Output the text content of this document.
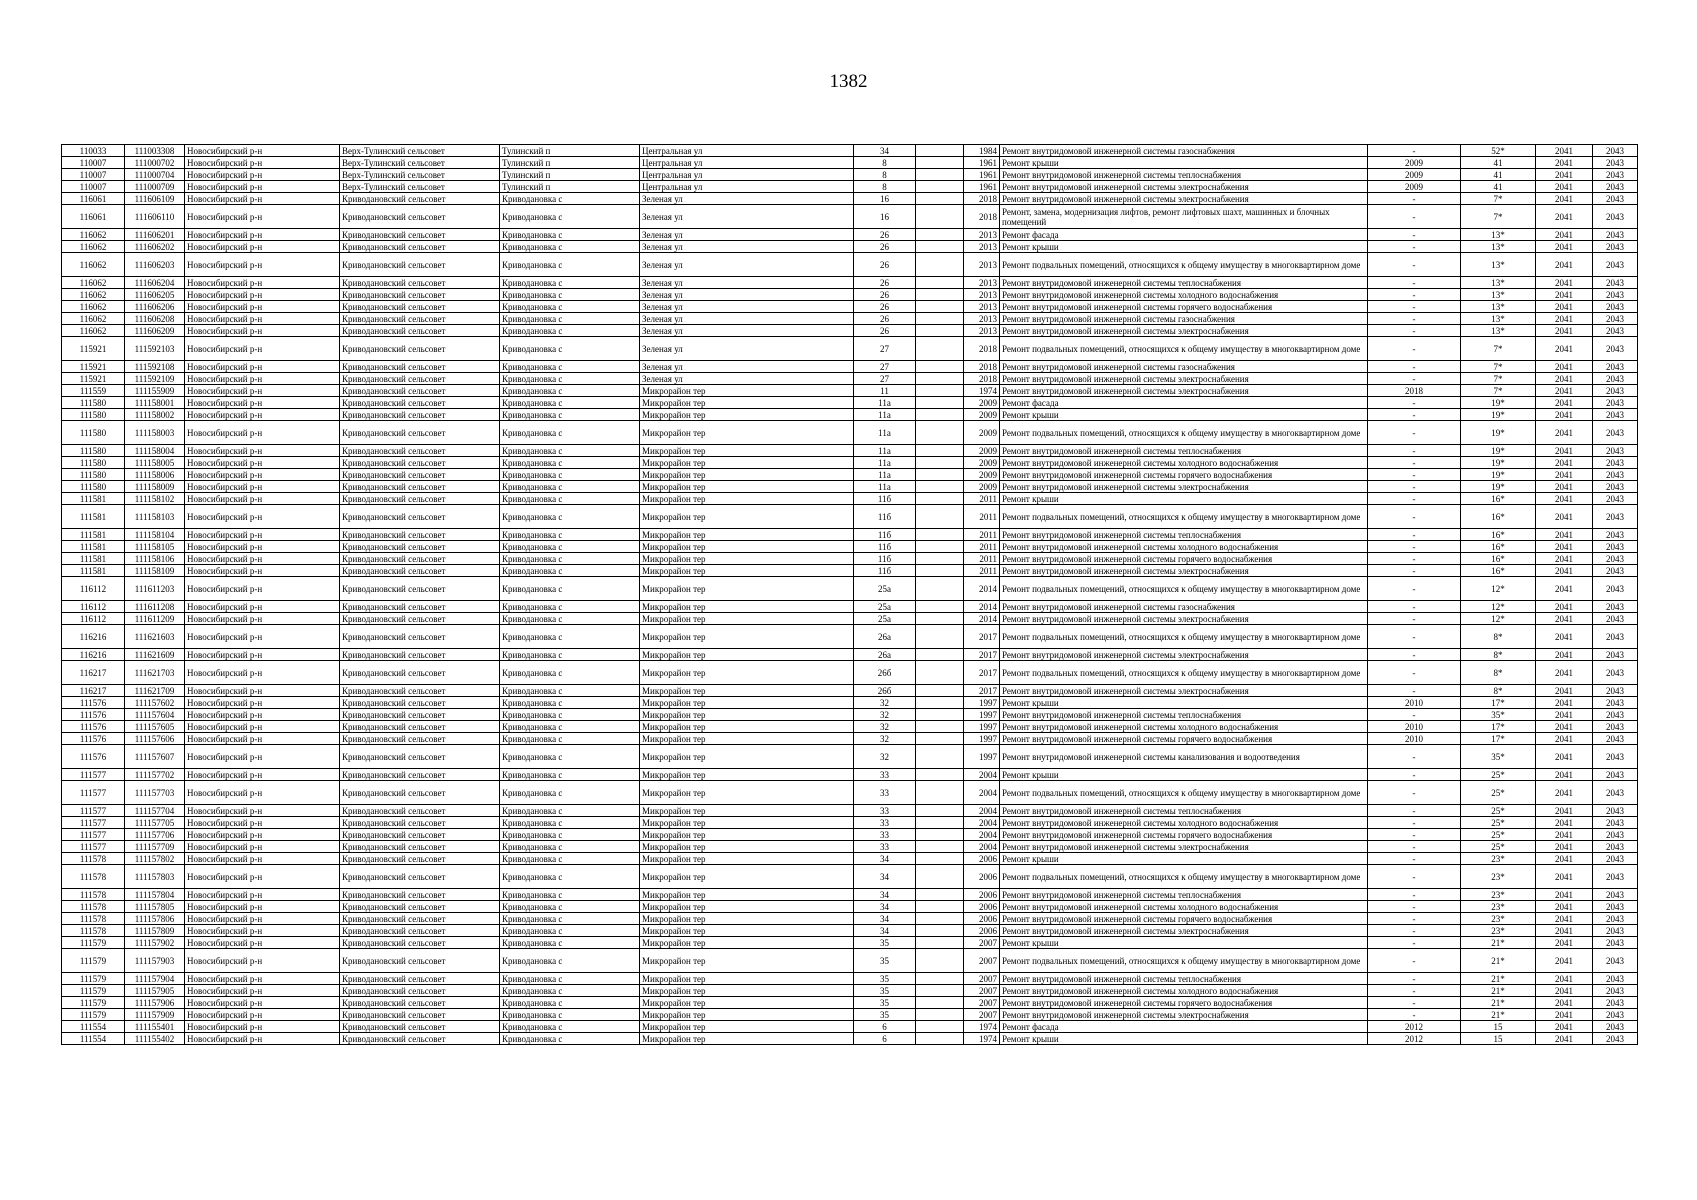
1382
110033	111003308	Новосибирский р-н	Верх-Тулинский сельсовет	Тулинский п	Центральная ул	34		1984	Ремонт внутридомовой инженерной системы газоснабжения	-	52*	2041	2043
110007	111000702	Новосибирский р-н	Верх-Тулинский сельсовет	Тулинский п	Центральная ул	8		1961	Ремонт крыши	2009	41	2041	2043
110007	111000704	Новосибирский р-н	Верх-Тулинский сельсовет	Тулинский п	Центральная ул	8		1961	Ремонт внутридомовой инженерной системы теплоснабжения	2009	41	2041	2043
110007	111000709	Новосибирский р-н	Верх-Тулинский сельсовет	Тулинский п	Центральная ул	8		1961	Ремонт внутридомовой инженерной системы электроснабжения	2009	41	2041	2043
116061	111606109	Новосибирский р-н	Криводановский сельсовет	Криводановка с	Зеленая ул	16		2018	Ремонт внутридомовой инженерной системы электроснабжения	-	7*	2041	2043
116061	111606110	Новосибирский р-н	Криводановский сельсовет	Криводановка с	Зеленая ул	16		2018	Ремонт, замена, модернизация лифтов, ремонт лифтовых шахт, машинных и блочных помещений	-	7*	2041	2043
116062	111606201	Новосибирский р-н	Криводановский сельсовет	Криводановка с	Зеленая ул	26		2013	Ремонт фасада	-	13*	2041	2043
116062	111606202	Новосибирский р-н	Криводановский сельсовет	Криводановка с	Зеленая ул	26		2013	Ремонт крыши	-	13*	2041	2043
116062	111606203	Новосибирский р-н	Криводановский сельсовет	Криводановка с	Зеленая ул	26		2013	Ремонт подвальных помещений, относящихся к общему имуществу в многоквартирном доме	-	13*	2041	2043
116062	111606204	Новосибирский р-н	Криводановский сельсовет	Криводановка с	Зеленая ул	26		2013	Ремонт внутридомовой инженерной системы теплоснабжения	-	13*	2041	2043
116062	111606205	Новосибирский р-н	Криводановский сельсовет	Криводановка с	Зеленая ул	26		2013	Ремонт внутридомовой инженерной системы холодного водоснабжения	-	13*	2041	2043
116062	111606206	Новосибирский р-н	Криводановский сельсовет	Криводановка с	Зеленая ул	26		2013	Ремонт внутридомовой инженерной системы горячего водоснабжения	-	13*	2041	2043
116062	111606208	Новосибирский р-н	Криводановский сельсовет	Криводановка с	Зеленая ул	26		2013	Ремонт внутридомовой инженерной системы газоснабжения	-	13*	2041	2043
116062	111606209	Новосибирский р-н	Криводановский сельсовет	Криводановка с	Зеленая ул	26		2013	Ремонт внутридомовой инженерной системы электроснабжения	-	13*	2041	2043
115921	111592103	Новосибирский р-н	Криводановский сельсовет	Криводановка с	Зеленая ул	27		2018	Ремонт подвальных помещений, относящихся к общему имуществу в многоквартирном доме	-	7*	2041	2043
115921	111592108	Новосибирский р-н	Криводановский сельсовет	Криводановка с	Зеленая ул	27		2018	Ремонт внутридомовой инженерной системы газоснабжения	-	7*	2041	2043
115921	111592109	Новосибирский р-н	Криводановский сельсовет	Криводановка с	Зеленая ул	27		2018	Ремонт внутридомовой инженерной системы электроснабжения	-	7*	2041	2043
111559	111155909	Новосибирский р-н	Криводановский сельсовет	Криводановка с	Микрорайон тер	11		1974	Ремонт внутридомовой инженерной системы электроснабжения	2018	7*	2041	2043
111580	111158001	Новосибирский р-н	Криводановский сельсовет	Криводановка с	Микрорайон тер	11а		2009	Ремонт фасада	-	19*	2041	2043
111580	111158002	Новосибирский р-н	Криводановский сельсовет	Криводановка с	Микрорайон тер	11а		2009	Ремонт крыши	-	19*	2041	2043
111580	111158003	Новосибирский р-н	Криводановский сельсовет	Криводановка с	Микрорайон тер	11а		2009	Ремонт подвальных помещений, относящихся к общему имуществу в многоквартирном доме	-	19*	2041	2043
111580	111158004	Новосибирский р-н	Криводановский сельсовет	Криводановка с	Микрорайон тер	11а		2009	Ремонт внутридомовой инженерной системы теплоснабжения	-	19*	2041	2043
111580	111158005	Новосибирский р-н	Криводановский сельсовет	Криводановка с	Микрорайон тер	11а		2009	Ремонт внутридомовой инженерной системы холодного водоснабжения	-	19*	2041	2043
111580	111158006	Новосибирский р-н	Криводановский сельсовет	Криводановка с	Микрорайон тер	11а		2009	Ремонт внутридомовой инженерной системы горячего водоснабжения	-	19*	2041	2043
111580	111158009	Новосибирский р-н	Криводановский сельсовет	Криводановка с	Микрорайон тер	11а		2009	Ремонт внутридомовой инженерной системы электроснабжения	-	19*	2041	2043
111581	111158102	Новосибирский р-н	Криводановский сельсовет	Криводановка с	Микрорайон тер	11б		2011	Ремонт крыши	-	16*	2041	2043
111581	111158103	Новосибирский р-н	Криводановский сельсовет	Криводановка с	Микрорайон тер	11б		2011	Ремонт подвальных помещений, относящихся к общему имуществу в многоквартирном доме	-	16*	2041	2043
111581	111158104	Новосибирский р-н	Криводановский сельсовет	Криводановка с	Микрорайон тер	11б		2011	Ремонт внутридомовой инженерной системы теплоснабжения	-	16*	2041	2043
111581	111158105	Новосибирский р-н	Криводановский сельсовет	Криводановка с	Микрорайон тер	11б		2011	Ремонт внутридомовой инженерной системы холодного водоснабжения	-	16*	2041	2043
111581	111158106	Новосибирский р-н	Криводановский сельсовет	Криводановка с	Микрорайон тер	11б		2011	Ремонт внутридомовой инженерной системы горячего водоснабжения	-	16*	2041	2043
111581	111158109	Новосибирский р-н	Криводановский сельсовет	Криводановка с	Микрорайон тер	11б		2011	Ремонт внутридомовой инженерной системы электроснабжения	-	16*	2041	2043
116112	111611203	Новосибирский р-н	Криводановский сельсовет	Криводановка с	Микрорайон тер	25а		2014	Ремонт подвальных помещений, относящихся к общему имуществу в многоквартирном доме	-	12*	2041	2043
116112	111611208	Новосибирский р-н	Криводановский сельсовет	Криводановка с	Микрорайон тер	25а		2014	Ремонт внутридомовой инженерной системы газоснабжения	-	12*	2041	2043
116112	111611209	Новосибирский р-н	Криводановский сельсовет	Криводановка с	Микрорайон тер	25а		2014	Ремонт внутридомовой инженерной системы электроснабжения	-	12*	2041	2043
116216	111621603	Новосибирский р-н	Криводановский сельсовет	Криводановка с	Микрорайон тер	26а		2017	Ремонт подвальных помещений, относящихся к общему имуществу в многоквартирном доме	-	8*	2041	2043
116216	111621609	Новосибирский р-н	Криводановский сельсовет	Криводановка с	Микрорайон тер	26а		2017	Ремонт внутридомовой инженерной системы электроснабжения	-	8*	2041	2043
116217	111621703	Новосибирский р-н	Криводановский сельсовет	Криводановка с	Микрорайон тер	26б		2017	Ремонт подвальных помещений, относящихся к общему имуществу в многоквартирном доме	-	8*	2041	2043
116217	111621709	Новосибирский р-н	Криводановский сельсовет	Криводановка с	Микрорайон тер	26б		2017	Ремонт внутридомовой инженерной системы электроснабжения	-	8*	2041	2043
111576	111157602	Новосибирский р-н	Криводановский сельсовет	Криводановка с	Микрорайон тер	32		1997	Ремонт крыши	2010	17*	2041	2043
111576	111157604	Новосибирский р-н	Криводановский сельсовет	Криводановка с	Микрорайон тер	32		1997	Ремонт внутридомовой инженерной системы теплоснабжения	-	35*	2041	2043
111576	111157605	Новосибирский р-н	Криводановский сельсовет	Криводановка с	Микрорайон тер	32		1997	Ремонт внутридомовой инженерной системы холодного водоснабжения	2010	17*	2041	2043
111576	111157606	Новосибирский р-н	Криводановский сельсовет	Криводановка с	Микрорайон тер	32		1997	Ремонт внутридомовой инженерной системы горячего водоснабжения	2010	17*	2041	2043
111576	111157607	Новосибирский р-н	Криводановский сельсовет	Криводановка с	Микрорайон тер	32		1997	Ремонт внутридомовой инженерной системы канализования и водоотведения	-	35*	2041	2043
111577	111157702	Новосибирский р-н	Криводановский сельсовет	Криводановка с	Микрорайон тер	33		2004	Ремонт крыши	-	25*	2041	2043
111577	111157703	Новосибирский р-н	Криводановский сельсовет	Криводановка с	Микрорайон тер	33		2004	Ремонт подвальных помещений, относящихся к общему имуществу в многоквартирном доме	-	25*	2041	2043
111577	111157704	Новосибирский р-н	Криводановский сельсовет	Криводановка с	Микрорайон тер	33		2004	Ремонт внутридомовой инженерной системы теплоснабжения	-	25*	2041	2043
111577	111157705	Новосибирский р-н	Криводановский сельсовет	Криводановка с	Микрорайон тер	33		2004	Ремонт внутридомовой инженерной системы холодного водоснабжения	-	25*	2041	2043
111577	111157706	Новосибирский р-н	Криводановский сельсовет	Криводановка с	Микрорайон тер	33		2004	Ремонт внутридомовой инженерной системы горячего водоснабжения	-	25*	2041	2043
111577	111157709	Новосибирский р-н	Криводановский сельсовет	Криводановка с	Микрорайон тер	33		2004	Ремонт внутридомовой инженерной системы электроснабжения	-	25*	2041	2043
111578	111157802	Новосибирский р-н	Криводановский сельсовет	Криводановка с	Микрорайон тер	34		2006	Ремонт крыши	-	23*	2041	2043
111578	111157803	Новосибирский р-н	Криводановский сельсовет	Криводановка с	Микрорайон тер	34		2006	Ремонт подвальных помещений, относящихся к общему имуществу в многоквартирном доме	-	23*	2041	2043
111578	111157804	Новосибирский р-н	Криводановский сельсовет	Криводановка с	Микрорайон тер	34		2006	Ремонт внутридомовой инженерной системы теплоснабжения	-	23*	2041	2043
111578	111157805	Новосибирский р-н	Криводановский сельсовет	Криводановка с	Микрорайон тер	34		2006	Ремонт внутридомовой инженерной системы холодного водоснабжения	-	23*	2041	2043
111578	111157806	Новосибирский р-н	Криводановский сельсовет	Криводановка с	Микрорайон тер	34		2006	Ремонт внутридомовой инженерной системы горячего водоснабжения	-	23*	2041	2043
111578	111157809	Новосибирский р-н	Криводановский сельсовет	Криводановка с	Микрорайон тер	34		2006	Ремонт внутридомовой инженерной системы электроснабжения	-	23*	2041	2043
111579	111157902	Новосибирский р-н	Криводановский сельсовет	Криводановка с	Микрорайон тер	35		2007	Ремонт крыши	-	21*	2041	2043
111579	111157903	Новосибирский р-н	Криводановский сельсовет	Криводановка с	Микрорайон тер	35		2007	Ремонт подвальных помещений, относящихся к общему имуществу в многоквартирном доме	-	21*	2041	2043
111579	111157904	Новосибирский р-н	Криводановский сельсовет	Криводановка с	Микрорайон тер	35		2007	Ремонт внутридомовой инженерной системы теплоснабжения	-	21*	2041	2043
111579	111157905	Новосибирский р-н	Криводановский сельсовет	Криводановка с	Микрорайон тер	35		2007	Ремонт внутридомовой инженерной системы холодного водоснабжения	-	21*	2041	2043
111579	111157906	Новосибирский р-н	Криводановский сельсовет	Криводановка с	Микрорайон тер	35		2007	Ремонт внутридомовой инженерной системы горячего водоснабжения	-	21*	2041	2043
111579	111157909	Новосибирский р-н	Криводановский сельсовет	Криводановка с	Микрорайон тер	35		2007	Ремонт внутридомовой инженерной системы электроснабжения	-	21*	2041	2043
111554	111155401	Новосибирский р-н	Криводановский сельсовет	Криводановка с	Микрорайон тер	6		1974	Ремонт фасада	2012	15	2041	2043
111554	111155402	Новосибирский р-н	Криводановский сельсовет	Криводановка с	Микрорайон тер	6		1974	Ремонт крыши	2012	15	2041	2043
